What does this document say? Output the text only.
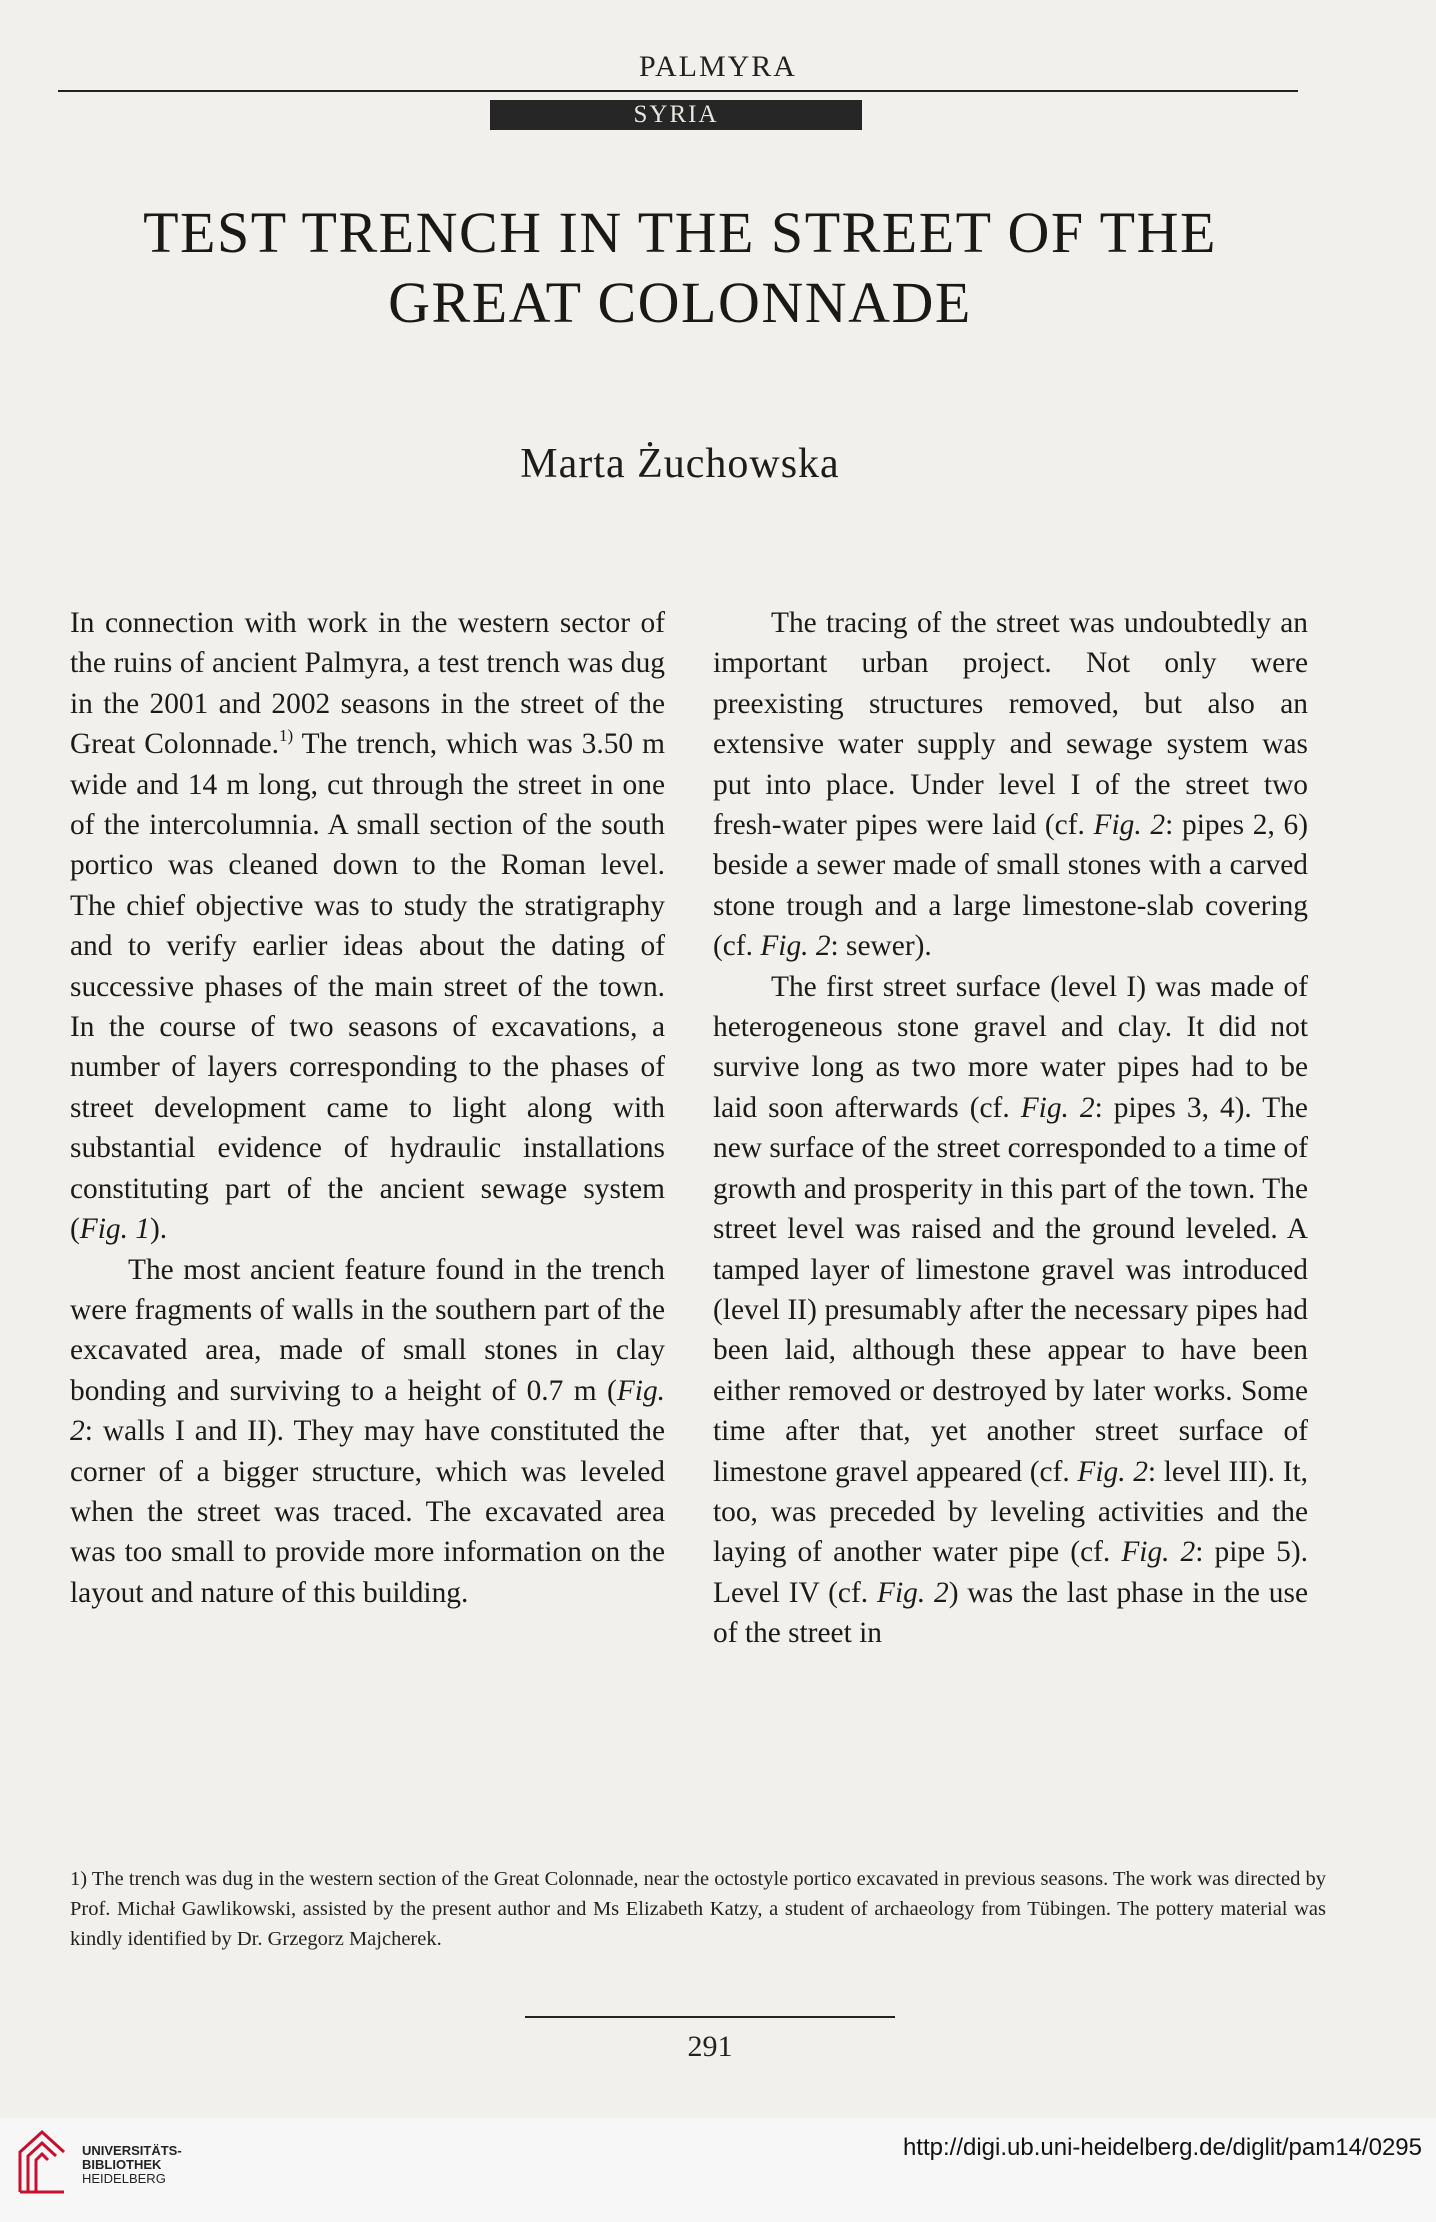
PALMYRA
SYRIA
TEST TRENCH IN THE STREET OF THE
GREAT COLONNADE
Marta Żuchowska

In connection with work in the western sector of the ruins of ancient Palmyra, a test trench was dug in the 2001 and 2002 seasons in the street of the Great Colonnade.$^{1)}$ The trench, which was 3.50 m wide and 14 m long, cut through the street in one of the intercolumnia. A small section of the south portico was cleaned down to the Roman level. The chief objective was to study the stratigraphy and to verify earlier ideas about the dating of successive phases of the main street of the town. In the course of two seasons of excavations, a number of layers corresponding to the phases of street development came to light along with substantial evidence of hydraulic installations constituting part of the ancient sewage system (Fig. 1).

The most ancient feature found in the trench were fragments of walls in the southern part of the excavated area, made of small stones in clay bonding and surviving to a height of 0.7 m (Fig. 2: walls I and II). They may have constituted the corner of a bigger structure, which was leveled when the street was traced. The excavated area was too small to provide more information on the layout and nature of this building.

The tracing of the street was undoubtedly an important urban project. Not only were preexisting structures removed, but also an extensive water supply and sewage system was put into place. Under level I of the street two fresh-water pipes were laid (cf. Fig. 2: pipes 2, 6) beside a sewer made of small stones with a carved stone trough and a large limestone-slab covering (cf. Fig. 2: sewer).

The first street surface (level I) was made of heterogeneous stone gravel and clay. It did not survive long as two more water pipes had to be laid soon afterwards (cf. Fig. 2: pipes 3, 4). The new surface of the street corresponded to a time of growth and prosperity in this part of the town. The street level was raised and the ground leveled. A tamped layer of limestone gravel was introduced (level II) presumably after the necessary pipes had been laid, although these appear to have been either removed or destroyed by later works. Some time after that, yet another street surface of limestone gravel appeared (cf. Fig. 2: level III). It, too, was preceded by leveling activities and the laying of another water pipe (cf. Fig. 2: pipe 5). Level IV (cf. Fig. 2) was the last phase in the use of the street in

1) The trench was dug in the western section of the Great Colonnade, near the octostyle portico excavated in previous seasons. The work was directed by Prof. Michał Gawlikowski, assisted by the present author and Ms Elizabeth Katzy, a student of archaeology from Tübingen. The pottery material was kindly identified by Dr. Grzegorz Majcherek.
291
UNIVERSITÄTS-
BIBLIOTHEK
HEIDELBERG
http://digi.ub.uni-heidelberg.de/diglit/pam14/0295
